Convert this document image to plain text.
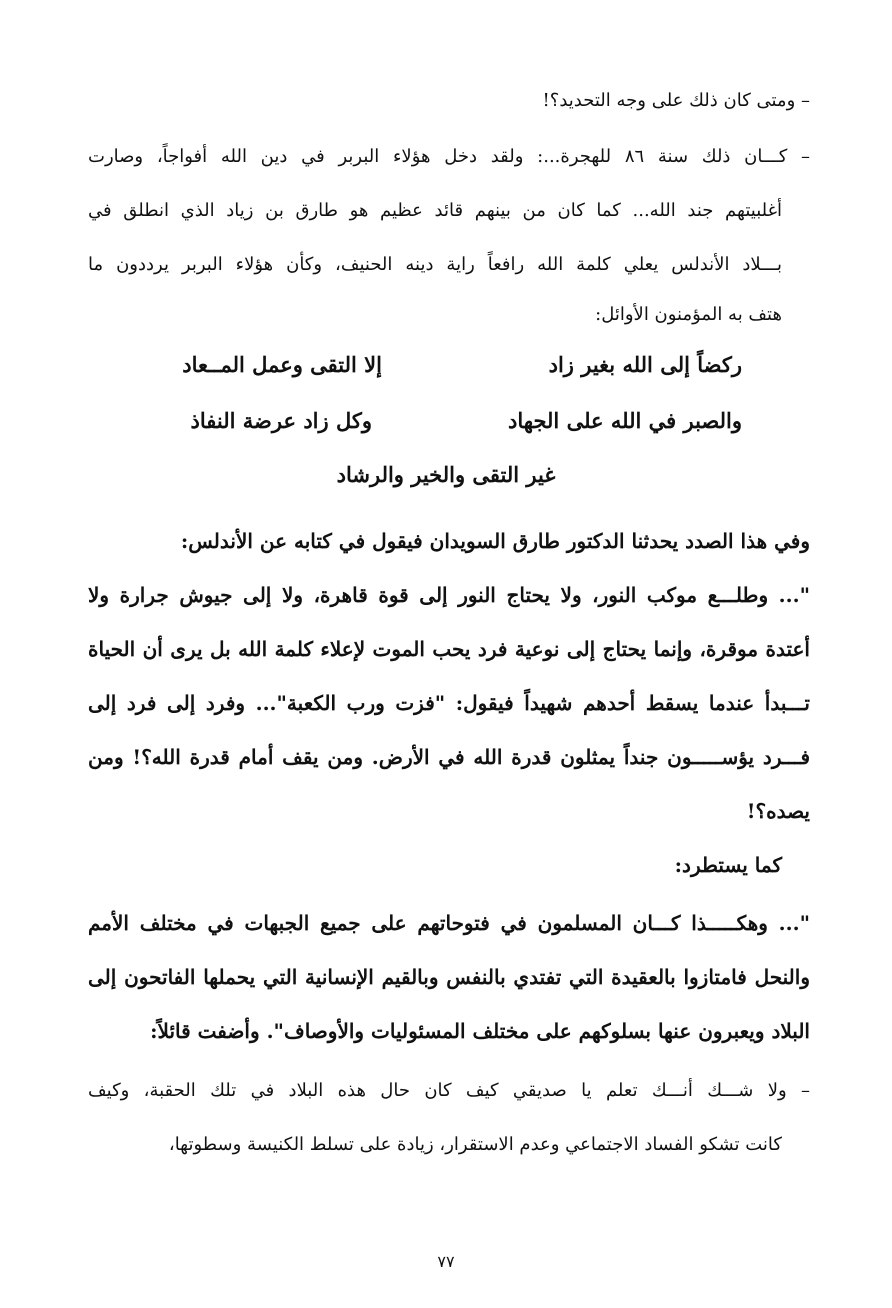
– ومتى كان ذلك على وجه التحديد؟!
– كـــان ذلك سنة ٨٦ للهجرة...: ولقد دخل هؤلاء البربر في دين الله أفواجاً، وصارت
أغلبيتهم جند الله... كما كان من بينهم قائد عظيم هو طارق بن زياد الذي انطلق في
بـــلاد الأندلس يعلي كلمة الله رافعاً راية دينه الحنيف، وكأن هؤلاء البربر يرددون ما
هتف به المؤمنون الأوائل:
ركضاً إلى الله بغير زاد
إلا التقى وعمل المــعاد
والصبر في الله على الجهاد
وكل زاد عرضة النفاذ
غير التقى والخير والرشاد
وفي هذا الصدد يحدثنا الدكتور طارق السويدان فيقول في كتابه عن الأندلس:
"... وطلـــع موكب النور، ولا يحتاج النور إلى قوة قاهرة، ولا إلى جيوش جرارة ولا
أعتدة موقرة، وإنما يحتاج إلى نوعية فرد يحب الموت لإعلاء كلمة الله بل يرى أن الحياة
تـــبدأ عندما يسقط أحدهم شهيداً فيقول: "فزت ورب الكعبة"... وفرد إلى فرد إلى
فـــرد يؤســـــون جنداً يمثلون قدرة الله في الأرض. ومن يقف أمام قدرة الله؟! ومن
يصده؟!
كما يستطرد:
"... وهكـــــذا كـــان المسلمون في فتوحاتهم على جميع الجبهات في مختلف الأمم
والنحل فامتازوا بالعقيدة التي تفتدي بالنفس وبالقيم الإنسانية التي يحملها الفاتحون إلى
البلاد ويعبرون عنها بسلوكهم على مختلف المسئوليات والأوصاف". وأضفت قائلاً:
– ولا شـــك أنـــك تعلم يا صديقي كيف كان حال هذه البلاد في تلك الحقبة، وكيف
كانت تشكو الفساد الاجتماعي وعدم الاستقرار، زيادة على تسلط الكنيسة وسطوتها،
٧٧
